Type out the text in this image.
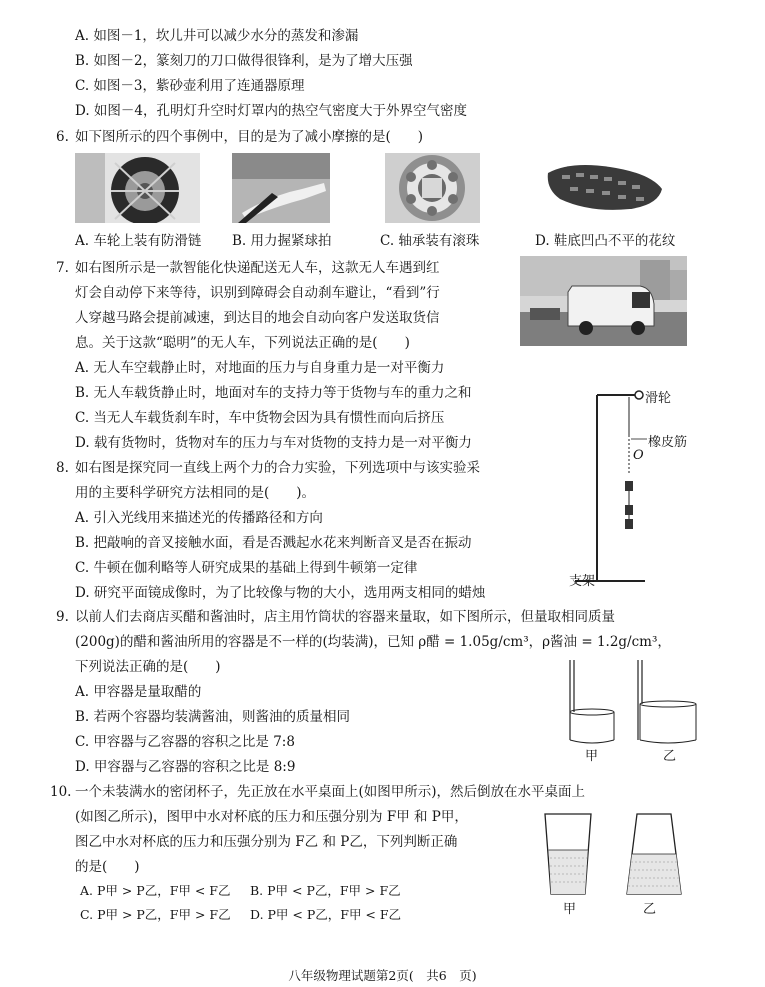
A. 如图－1，坎儿井可以减少水分的蒸发和渗漏
B. 如图－2，篆刻刀的刀口做得很锋利，是为了增大压强
C. 如图－3，紫砂壶利用了连通器原理
D. 如图－4，孔明灯升空时灯罩内的热空气密度大于外界空气密度
6. 如下图所示的四个事例中，目的是为了减小摩擦的是(　　)
A. 车轮上装有防滑链 B. 用力握紧球拍	C. 轴承装有滚珠	D. 鞋底凹凸不平的花纹
7. 如右图所示是一款智能化快递配送无人车，这款无人车遇到红
灯会自动停下来等待，识别到障碍会自动刹车避让，“看到”行
人穿越马路会提前减速，到达目的地会自动向客户发送取货信
息。关于这款“聪明”的无人车，下列说法正确的是(　　)
A. 无人车空载静止时，对地面的压力与自身重力是一对平衡力
B. 无人车载货静止时，地面对车的支持力等于货物与车的重力之和
C. 当无人车载货刹车时，车中货物会因为具有惯性而向后挤压
D. 载有货物时，货物对车的压力与车对货物的支持力是一对平衡力
8. 如右图是探究同一直线上两个力的合力实验，下列选项中与该实验采
用的主要科学研究方法相同的是(　　)。
A. 引入光线用来描述光的传播路径和方向
B. 把敲响的音叉接触水面，看是否溅起水花来判断音叉是否在振动
C. 牛顿在伽利略等人研究成果的基础上得到牛顿第一定律
D. 研究平面镜成像时，为了比较像与物的大小，选用两支相同的蜡烛
滑轮
橡皮筋
O
支架
9. 以前人们去商店买醋和酱油时，店主用竹筒状的容器来量取，如下图所示，但量取相同质量
(200g)的醋和酱油所用的容器是不一样的(均装满)，已知 ρ醋 = 1.05g/cm³，ρ酱油 = 1.2g/cm³，
下列说法正确的是(　　)
A. 甲容器是量取醋的
B. 若两个容器均装满酱油，则酱油的质量相同
C. 甲容器与乙容器的容积之比是 7:8
D. 甲容器与乙容器的容积之比是 8:9
甲	乙
10. 一个未装满水的密闭杯子，先正放在水平桌面上(如图甲所示)，然后倒放在水平桌面上
(如图乙所示)，图甲中水对杯底的压力和压强分别为 F甲 和 P甲，
图乙中水对杯底的压力和压强分别为 F乙 和 P乙，下列判断正确
的是(　　)
A. P甲 > P乙，F甲 < F乙 B. P甲 < P乙，F甲 > F乙
C. P甲 > P乙，F甲 > F乙 D. P甲 < P乙，F甲 < F乙	甲	乙
八年级物理试题第2页(　共6　页)
